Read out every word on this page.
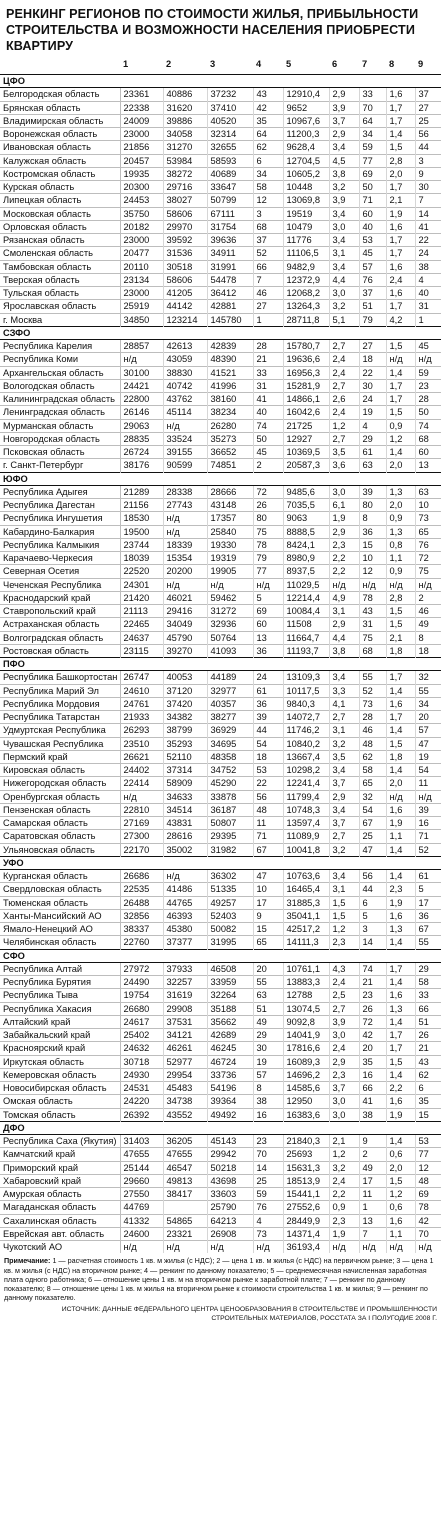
РЕНКИНГ РЕГИОНОВ ПО СТОИМОСТИ ЖИЛЬЯ, ПРИБЫЛЬНОСТИ СТРОИТЕЛЬСТВА И ВОЗМОЖНОСТИ НАСЕЛЕНИЯ ПРИОБРЕСТИ КВАРТИРУ
	1	2	3	4	5	6	7	8	9
ЦФО									
Белгородская область	23361	40886	37232	43	12910,4	2,9	33	1,6	37
Брянская область	22338	31620	37410	42	9652	3,9	70	1,7	27
Владимирская область	24009	39886	40520	35	10967,6	3,7	64	1,7	25
Воронежская область	23000	34058	32314	64	11200,3	2,9	34	1,4	56
Ивановская область	21856	31270	32655	62	9628,4	3,4	59	1,5	44
Калужская область	20457	53984	58593	6	12704,5	4,5	77	2,8	3
Костромская область	19935	38272	40689	34	10605,2	3,8	69	2,0	9
Курская область	20300	29716	33647	58	10448	3,2	50	1,7	30
Липецкая область	24453	38027	50799	12	13069,8	3,9	71	2,1	7
Московская область	35750	58606	67111	3	19519	3,4	60	1,9	14
Орловская область	20182	29970	31754	68	10479	3,0	40	1,6	41
Рязанская область	23000	39592	39636	37	11776	3,4	53	1,7	22
Смоленская область	20477	31536	34911	52	11106,5	3,1	45	1,7	24
Тамбовская область	20110	30518	31991	66	9482,9	3,4	57	1,6	38
Тверская область	23134	58606	54478	7	12372,9	4,4	76	2,4	4
Тульская область	23000	41205	36412	46	12068,2	3,0	37	1,6	40
Ярославская область	25919	44142	42881	27	13264,3	3,2	51	1,7	31
г. Москва	34850	123214	145780	1	28711,8	5,1	79	4,2	1
СЗФО									
Республика Карелия	28857	42613	42839	28	15780,7	2,7	27	1,5	45
Республика Коми	н/д	43059	48390	21	19636,6	2,4	18	н/д	н/д
Архангельская область	30100	38830	41521	33	16956,3	2,4	22	1,4	59
Вологодская область	24421	40742	41996	31	15281,9	2,7	30	1,7	23
Калининградская область	22800	43762	38160	41	14866,1	2,6	24	1,7	28
Ленинградская область	26146	45114	38234	40	16042,6	2,4	19	1,5	50
Мурманская область	29063	н/д	26280	74	21725	1,2	4	0,9	74
Новгородская область	28835	33524	35273	50	12927	2,7	29	1,2	68
Псковская область	26724	39155	36652	45	10369,5	3,5	61	1,4	60
г. Санкт-Петербург	38176	90599	74851	2	20587,3	3,6	63	2,0	13
ЮФО									
Республика Адыгея	21289	28338	28666	72	9485,6	3,0	39	1,3	63
Республика Дагестан	21156	27743	43148	26	7035,5	6,1	80	2,0	10
Республика Ингушетия	18530	н/д	17357	80	9063	1,9	8	0,9	73
Кабардино-Балкария	19500	н/д	25840	75	8888,5	2,9	36	1,3	65
Республика Калмыкия	23744	18339	19330	78	8424,1	2,3	15	0,8	76
Карачаево-Черкесия	18039	15354	19319	79	8980,9	2,2	10	1,1	72
Северная Осетия	22520	20200	19905	77	8937,5	2,2	12	0,9	75
Чеченская Республика	24301	н/д	н/д	н/д	11029,5	н/д	н/д	н/д	н/д
Краснодарский край	21420	46021	59462	5	12214,4	4,9	78	2,8	2
Ставропольский край	21113	29416	31272	69	10084,4	3,1	43	1,5	46
Астраханская область	22465	34049	32936	60	11508	2,9	31	1,5	49
Волгоградская область	24637	45790	50764	13	11664,7	4,4	75	2,1	8
Ростовская область	23115	39270	41093	36	11193,7	3,8	68	1,8	18
ПФО									
Республика Башкортостан	26747	40053	44189	24	13109,3	3,4	55	1,7	32
Республика Марий Эл	24610	37120	32977	61	10117,5	3,3	52	1,4	55
Республика Мордовия	24761	37420	40357	36	9840,3	4,1	73	1,6	34
Республика Татарстан	21933	34382	38277	39	14072,7	2,7	28	1,7	20
Удмуртская Республика	26293	38799	36929	44	11746,2	3,1	46	1,4	57
Чувашская Республика	23510	35293	34695	54	10840,2	3,2	48	1,5	47
Пермский край	26621	52110	48358	18	13667,4	3,5	62	1,8	19
Кировская область	24402	37314	34752	53	10298,2	3,4	58	1,4	54
Нижегородская область	22414	58909	45290	22	12241,4	3,7	65	2,0	11
Оренбургская область	н/д	34633	33878	56	11799,4	2,9	32	н/д	н/д
Пензенская область	22810	34514	36187	48	10748,3	3,4	54	1,6	39
Самарская область	27169	43831	50807	11	13597,4	3,7	67	1,9	16
Саратовская область	27300	28616	29395	71	11089,9	2,7	25	1,1	71
Ульяновская область	22170	35002	31982	67	10041,8	3,2	47	1,4	52
УФО									
Курганская область	26686	н/д	36302	47	10763,6	3,4	56	1,4	61
Свердловская область	22535	41486	51335	10	16465,4	3,1	44	2,3	5
Тюменская область	26488	44765	49257	17	31885,3	1,5	6	1,9	17
Ханты-Мансийский АО	32856	46393	52403	9	35041,1	1,5	5	1,6	36
Ямало-Ненецкий АО	38337	45380	50082	15	42517,2	1,2	3	1,3	67
Челябинская область	22760	37377	31995	65	14111,3	2,3	14	1,4	55
СФО									
Республика Алтай	27972	37933	46508	20	10761,1	4,3	74	1,7	29
Республика Бурятия	24490	32257	33959	55	13883,3	2,4	21	1,4	58
Республика Тыва	19754	31619	32264	63	12788	2,5	23	1,6	33
Республика Хакасия	26680	29908	35188	51	13074,5	2,7	26	1,3	66
Алтайский край	24617	37531	35662	49	9092,8	3,9	72	1,4	51
Забайкальский край	25402	34121	42689	29	14041,9	3,0	42	1,7	26
Красноярский край	24632	46261	46245	30	17816,6	2,4	20	1,7	21
Иркутская область	30718	52977	46724	19	16089,3	2,9	35	1,5	43
Кемеровская область	24930	29954	33736	57	14696,2	2,3	16	1,4	62
Новосибирская область	24531	45483	54196	8	14585,6	3,7	66	2,2	6
Омская область	24220	34738	39364	38	12950	3,0	41	1,6	35
Томская область	26392	43552	49492	16	16383,6	3,0	38	1,9	15
ДФО									
Республика Саха (Якутия)	31403	36205	45143	23	21840,3	2,1	9	1,4	53
Камчатский край	47655	47655	29942	70	25693	1,2	2	0,6	77
Приморский край	25144	46547	50218	14	15631,3	3,2	49	2,0	12
Хабаровский край	29660	49813	43698	25	18513,9	2,4	17	1,5	48
Амурская область	27550	38417	33603	59	15441,1	2,2	11	1,2	69
Магаданская область	44769		25790	76	27552,6	0,9	1	0,6	78
Сахалинская область	41332	54865	64213	4	28449,9	2,3	13	1,6	42
Еврейская авт. область	24600	23321	26908	73	14371,4	1,9	7	1,1	70
Чукотский АО	н/д	н/д	н/д	н/д	36193,4	н/д	н/д	н/д	н/д
Примечание: 1 — расчетная стоимость 1 кв. м жилья (с НДС); 2 — цена 1 кв. м жилья (с НДС) на первичном рынке; 3 — цена 1 кв. м жилья (с НДС) на вторичном рынке; 4 — ренкинг по данному показателю; 5 — среднемесячная начисленная заработная плата одного работника; 6 — отношение цены 1 кв. м на вторичном рынке к заработной плате; 7 — ренкинг по данному показателю; 8 — отношение цены 1 кв. м жилья на вторичном рынке к стоимости строительства 1 кв. м жилья; 9 — ренкинг по данному показателю.
ИСТОЧНИК: ДАННЫЕ ФЕДЕРАЛЬНОГО ЦЕНТРА ЦЕНООБРАЗОВАНИЯ В СТРОИТЕЛЬСТВЕ И ПРОМЫШЛЕННОСТИ СТРОИТЕЛЬНЫХ МАТЕРИАЛОВ, РОССТАТА ЗА I ПОЛУГОДИЕ 2008 Г.
